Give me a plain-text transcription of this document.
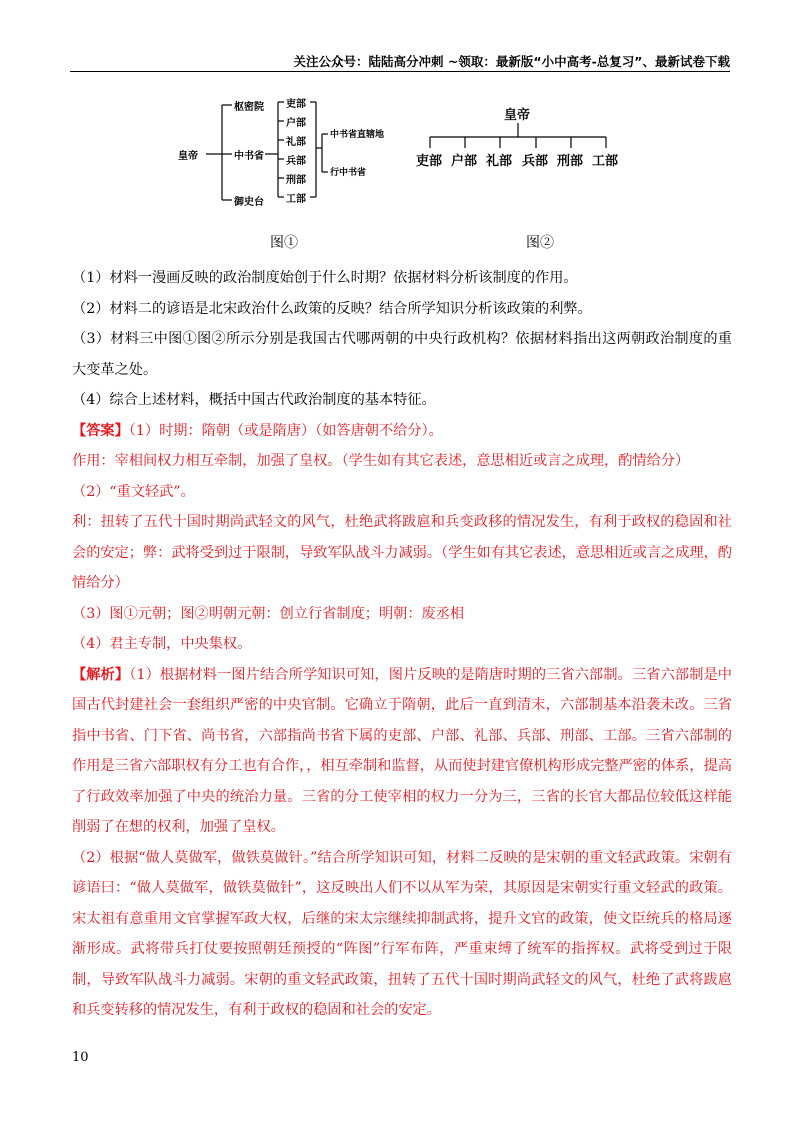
关注公众号：陆陆高分冲刺 ~领取：最新版“小中高考-总复习”、最新试卷下载
皇帝
枢密院
中书省
御史台
吏部
户部
礼部
兵部
刑部
工部
中书省直辖地
行中书省
皇帝
吏部 户部 礼部 兵部 刑部 工部
图①	图②

（1）材料一漫画反映的政治制度始创于什么时期？依据材料分析该制度的作用。

（2）材料二的谚语是北宋政治什么政策的反映？结合所学知识分析该政策的利弊。

（3）材料三中图①图②所示分别是我国古代哪两朝的中央行政机构？依据材料指出这两朝政治制度的重大变革之处。

（4）综合上述材料，概括中国古代政治制度的基本特征。

【答案】（1）时期：隋朝（或是隋唐）（如答唐朝不给分）。

作用：宰相间权力相互牵制，加强了皇权。（学生如有其它表述，意思相近或言之成理，酌情给分）

（2）“重文轻武”。

利：扭转了五代十国时期尚武轻文的风气，杜绝武将跋扈和兵变政移的情况发生，有利于政权的稳固和社会的安定；弊：武将受到过于限制，导致军队战斗力减弱。（学生如有其它表述，意思相近或言之成理，酌情给分）

（3）图①元朝；图②明朝元朝：创立行省制度；明朝：废丞相

（4）君主专制，中央集权。

【解析】（1）根据材料一图片结合所学知识可知，图片反映的是隋唐时期的三省六部制。三省六部制是中国古代封建社会一套组织严密的中央官制。它确立于隋朝，此后一直到清末，六部制基本沿袭未改。三省指中书省、门下省、尚书省，六部指尚书省下属的吏部、户部、礼部、兵部、刑部、工部。三省六部制的作用是三省六部职权有分工也有合作，，相互牵制和监督，从而使封建官僚机构形成完整严密的体系，提高了行政效率加强了中央的统治力量。三省的分工使宰相的权力一分为三，三省的长官大都品位较低这样能削弱了在想的权利，加强了皇权。

（2）根据“做人莫做军，做铁莫做针。”结合所学知识可知，材料二反映的是宋朝的重文轻武政策。宋朝有谚语曰：“做人莫做军，做铁莫做针”，这反映出人们不以从军为荣，其原因是宋朝实行重文轻武的政策。宋太祖有意重用文官掌握军政大权，后继的宋太宗继续抑制武将，提升文官的政策，使文臣统兵的格局逐渐形成。武将带兵打仗要按照朝廷预授的“阵图”行军布阵，严重束缚了统军的指挥权。武将受到过于限制，导致军队战斗力减弱。宋朝的重文轻武政策，扭转了五代十国时期尚武轻文的风气，杜绝了武将跋扈和兵变转移的情况发生，有利于政权的稳固和社会的安定。

10
